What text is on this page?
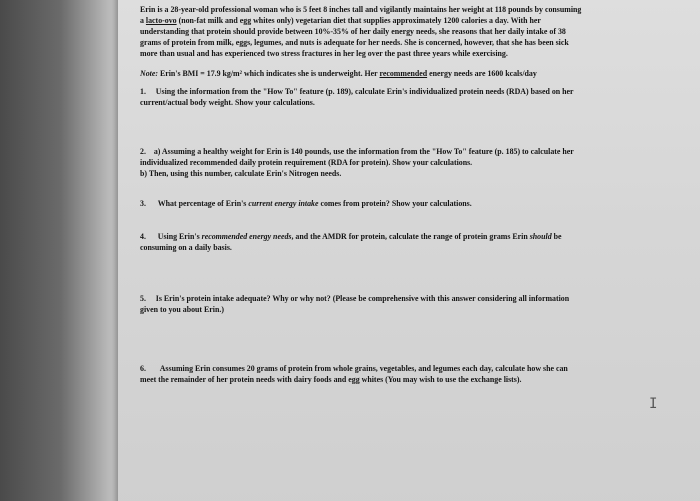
Erin is a 28-year-old professional woman who is 5 feet 8 inches tall and vigilantly maintains her weight at 118 pounds by consuming a lacto-ovo (non-fat milk and egg whites only) vegetarian diet that supplies approximately 1200 calories a day. With her understanding that protein should provide between 10%-35% of her daily energy needs, she reasons that her daily intake of 38 grams of protein from milk, eggs, legumes, and nuts is adequate for her needs. She is concerned, however, that she has been sick more than usual and has experienced two stress fractures in her leg over the past three years while exercising.

Note: Erin's BMI = 17.9 kg/m² which indicates she is underweight. Her recommended energy needs are 1600 kcals/day

1. Using the information from the "How To" feature (p. 189), calculate Erin's individualized protein needs (RDA) based on her current/actual body weight. Show your calculations.

2. a) Assuming a healthy weight for Erin is 140 pounds, use the information from the "How To" feature (p. 185) to calculate her individualized recommended daily protein requirement (RDA for protein). Show your calculations.

b) Then, using this number, calculate Erin's Nitrogen needs.

3. What percentage of Erin's current energy intake comes from protein? Show your calculations.

4. Using Erin's recommended energy needs, and the AMDR for protein, calculate the range of protein grams Erin should be consuming on a daily basis.

5. Is Erin's protein intake adequate? Why or why not? (Please be comprehensive with this answer considering all information given to you about Erin.)

6. Assuming Erin consumes 20 grams of protein from whole grains, vegetables, and legumes each day, calculate how she can meet the remainder of her protein needs with dairy foods and egg whites (You may wish to use the exchange lists).

I
